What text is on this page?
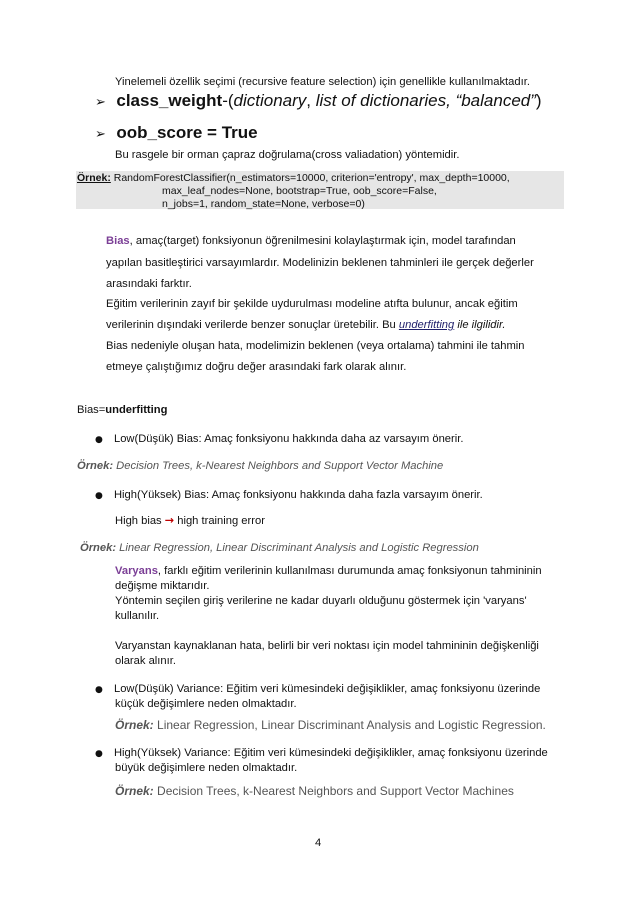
Yinelemeli özellik seçimi (recursive feature selection) için genellikle kullanılmaktadır.
➢ class_weight-(dictionary, list of dictionaries, “balanced”)
➢ oob_score = True
Bu rasgele bir orman çapraz doğrulama(cross valiadation) yöntemidir.
Örnek: RandomForestClassifier(n_estimators=10000, criterion='entropy', max_depth=10000,
max_leaf_nodes=None, bootstrap=True, oob_score=False,
n_jobs=1, random_state=None, verbose=0)
Bias, amaç(target) fonksiyonun öğrenilmesini kolaylaştırmak için, model tarafından
yapılan basitleştirici varsayımlardır. Modelinizin beklenen tahminleri ile gerçek değerler
arasındaki farktır.
Eğitim verilerinin zayıf bir şekilde uydurulması modeline atıfta bulunur, ancak eğitim
verilerinin dışındaki verilerde benzer sonuçlar üretebilir. Bu underfitting ile ilgilidir.
Bias nedeniyle oluşan hata, modelimizin beklenen (veya ortalama) tahmini ile tahmin
etmeye çalıştığımız doğru değer arasındaki fark olarak alınır.
Bias=underfitting
● Low(Düşük) Bias: Amaç fonksiyonu hakkında daha az varsayım önerir.
Örnek: Decision Trees, k-Nearest Neighbors and Support Vector Machine
● High(Yüksek) Bias: Amaç fonksiyonu hakkında daha fazla varsayım önerir.
High bias → high training error
Örnek: Linear Regression, Linear Discriminant Analysis and Logistic Regression
Varyans, farklı eğitim verilerinin kullanılması durumunda amaç fonksiyonun tahmininin
değişme miktarıdır.
Yöntemin seçilen giriş verilerine ne kadar duyarlı olduğunu göstermek için 'varyans'
kullanılır.
Varyanstan kaynaklanan hata, belirli bir veri noktası için model tahmininin değişkenliği
olarak alınır.
● Low(Düşük) Variance: Eğitim veri kümesindeki değişiklikler, amaç fonksiyonu üzerinde
küçük değişimlere neden olmaktadır.
Örnek: Linear Regression, Linear Discriminant Analysis and Logistic Regression.
● High(Yüksek) Variance: Eğitim veri kümesindeki değişiklikler, amaç fonksiyonu üzerinde
büyük değişimlere neden olmaktadır.
Örnek: Decision Trees, k-Nearest Neighbors and Support Vector Machines
4
